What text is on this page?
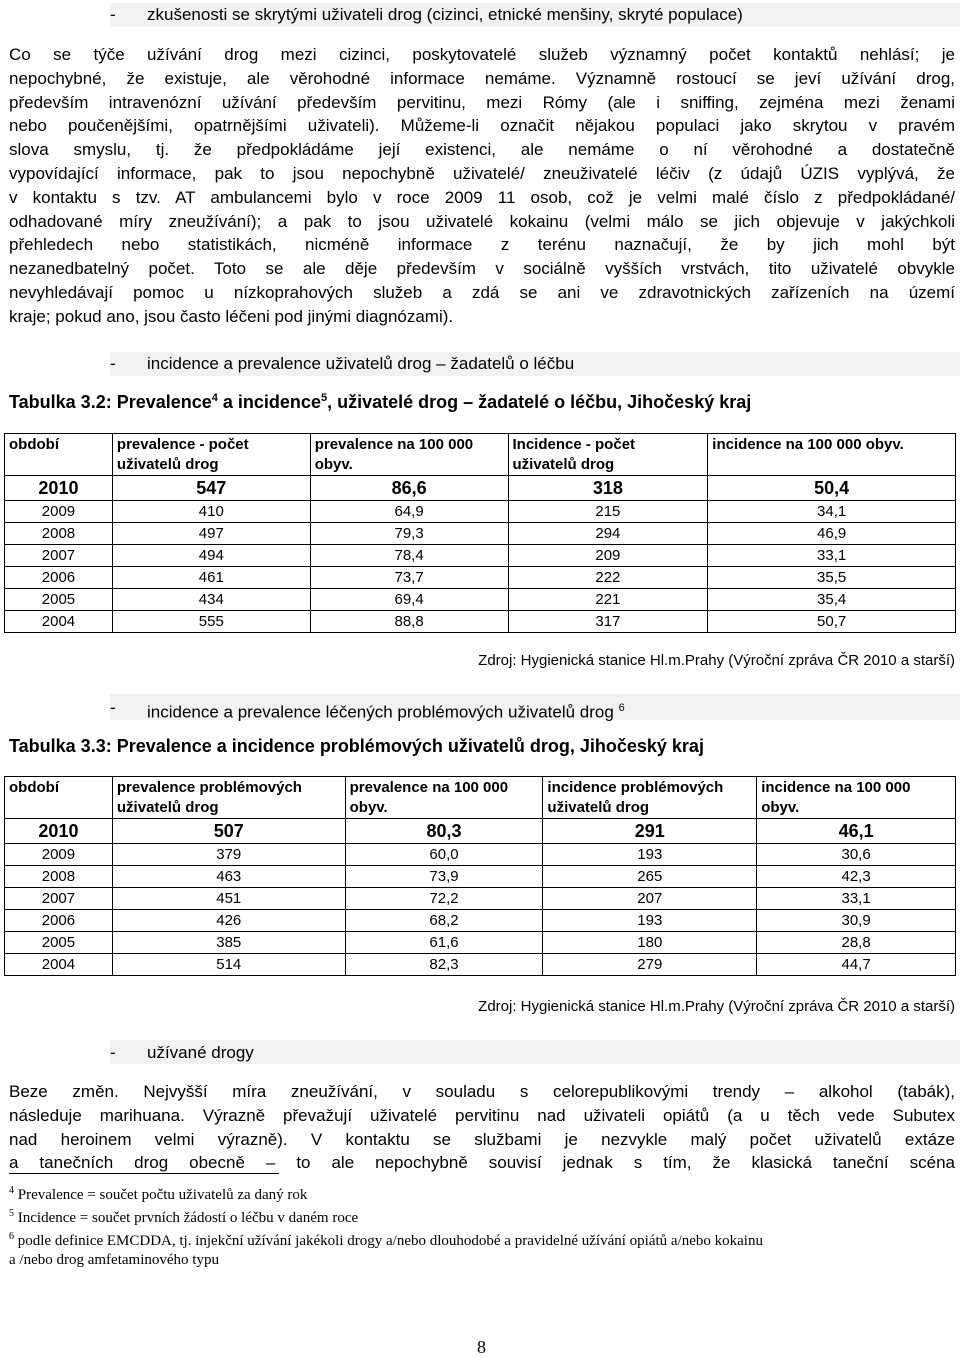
- zkušenosti se skrytými uživateli drog (cizinci, etnické menšiny, skryté populace)
Co se týče užívání drog mezi cizinci, poskytovatelé služeb významný počet kontaktů nehlásí; je
nepochybné, že existuje, ale věrohodné informace nemáme. Významně rostoucí se jeví užívání drog,
především intravenózní užívání především pervitinu, mezi Rómy (ale i sniffing, zejména mezi ženami
nebo poučenějšími, opatrnějšími uživateli). Můžeme-li označit nějakou populaci jako skrytou v pravém
slova smyslu, tj. že předpokládáme její existenci, ale nemáme o ní věrohodné a dostatečně
vypovídající informace, pak to jsou nepochybně uživatelé/ zneuživatelé léčiv (z údajů ÚZIS vyplývá, že
v kontaktu s tzv. AT ambulancemi bylo v roce 2009 11 osob, což je velmi malé číslo z předpokládané/
odhadované míry zneužívání); a pak to jsou uživatelé kokainu (velmi málo se jich objevuje v jakýchkoli
přehledech nebo statistikách, nicméně informace z terénu naznačují, že by jich mohl být
nezanedbatelný počet. Toto se ale děje především v sociálně vyšších vrstvách, tito uživatelé obvykle
nevyhledávají pomoc u nízkoprahových služeb a zdá se ani ve zdravotnických zařízeních na území
kraje; pokud ano, jsou často léčeni pod jinými diagnózami).
- incidence a prevalence uživatelů drog – žadatelů o léčbu
Tabulka 3.2: Prevalence$^4$ a incidence$^5$, uživatelé drog – žadatelé o léčbu, Jihočeský kraj
období	prevalence - počet uživatelů drog	prevalence na 100 000 obyv.	Incidence - počet uživatelů drog	incidence na 100 000 obyv.
2010	547	86,6	318	50,4
2009	410	64,9	215	34,1
2008	497	79,3	294	46,9
2007	494	78,4	209	33,1
2006	461	73,7	222	35,5
2005	434	69,4	221	35,4
2004	555	88,8	317	50,7
Zdroj: Hygienická stanice Hl.m.Prahy (Výroční zpráva ČR 2010 a starší)
- incidence a prevalence léčených problémových uživatelů drog $^6$
Tabulka 3.3: Prevalence a incidence problémových uživatelů drog, Jihočeský kraj
období	prevalence problémových uživatelů drog	prevalence na 100 000 obyv.	incidence problémových uživatelů drog	incidence na 100 000 obyv.
2010	507	80,3	291	46,1
2009	379	60,0	193	30,6
2008	463	73,9	265	42,3
2007	451	72,2	207	33,1
2006	426	68,2	193	30,9
2005	385	61,6	180	28,8
2004	514	82,3	279	44,7
Zdroj: Hygienická stanice Hl.m.Prahy (Výroční zpráva ČR 2010 a starší)
- užívané drogy
Beze změn. Nejvyšší míra zneužívání, v souladu s celorepublikovými trendy – alkohol (tabák),
následuje marihuana. Výrazně převažují uživatelé pervitinu nad uživateli opiátů (a u těch vede Subutex
nad heroinem velmi výrazně). V kontaktu se službami je nezvykle malý počet uživatelů extáze
a tanečních drog obecně – to ale nepochybně souvisí jednak s tím, že klasická taneční scéna
$^4$ Prevalence = součet počtu uživatelů za daný rok
$^5$ Incidence = součet prvních žádostí o léčbu v daném roce
$^6$ podle definice EMCDDA, tj. injekční užívání jakékoli drogy a/nebo dlouhodobé a pravidelné užívání opiátů a/nebo kokainu
a /nebo drog amfetaminového typu
8
